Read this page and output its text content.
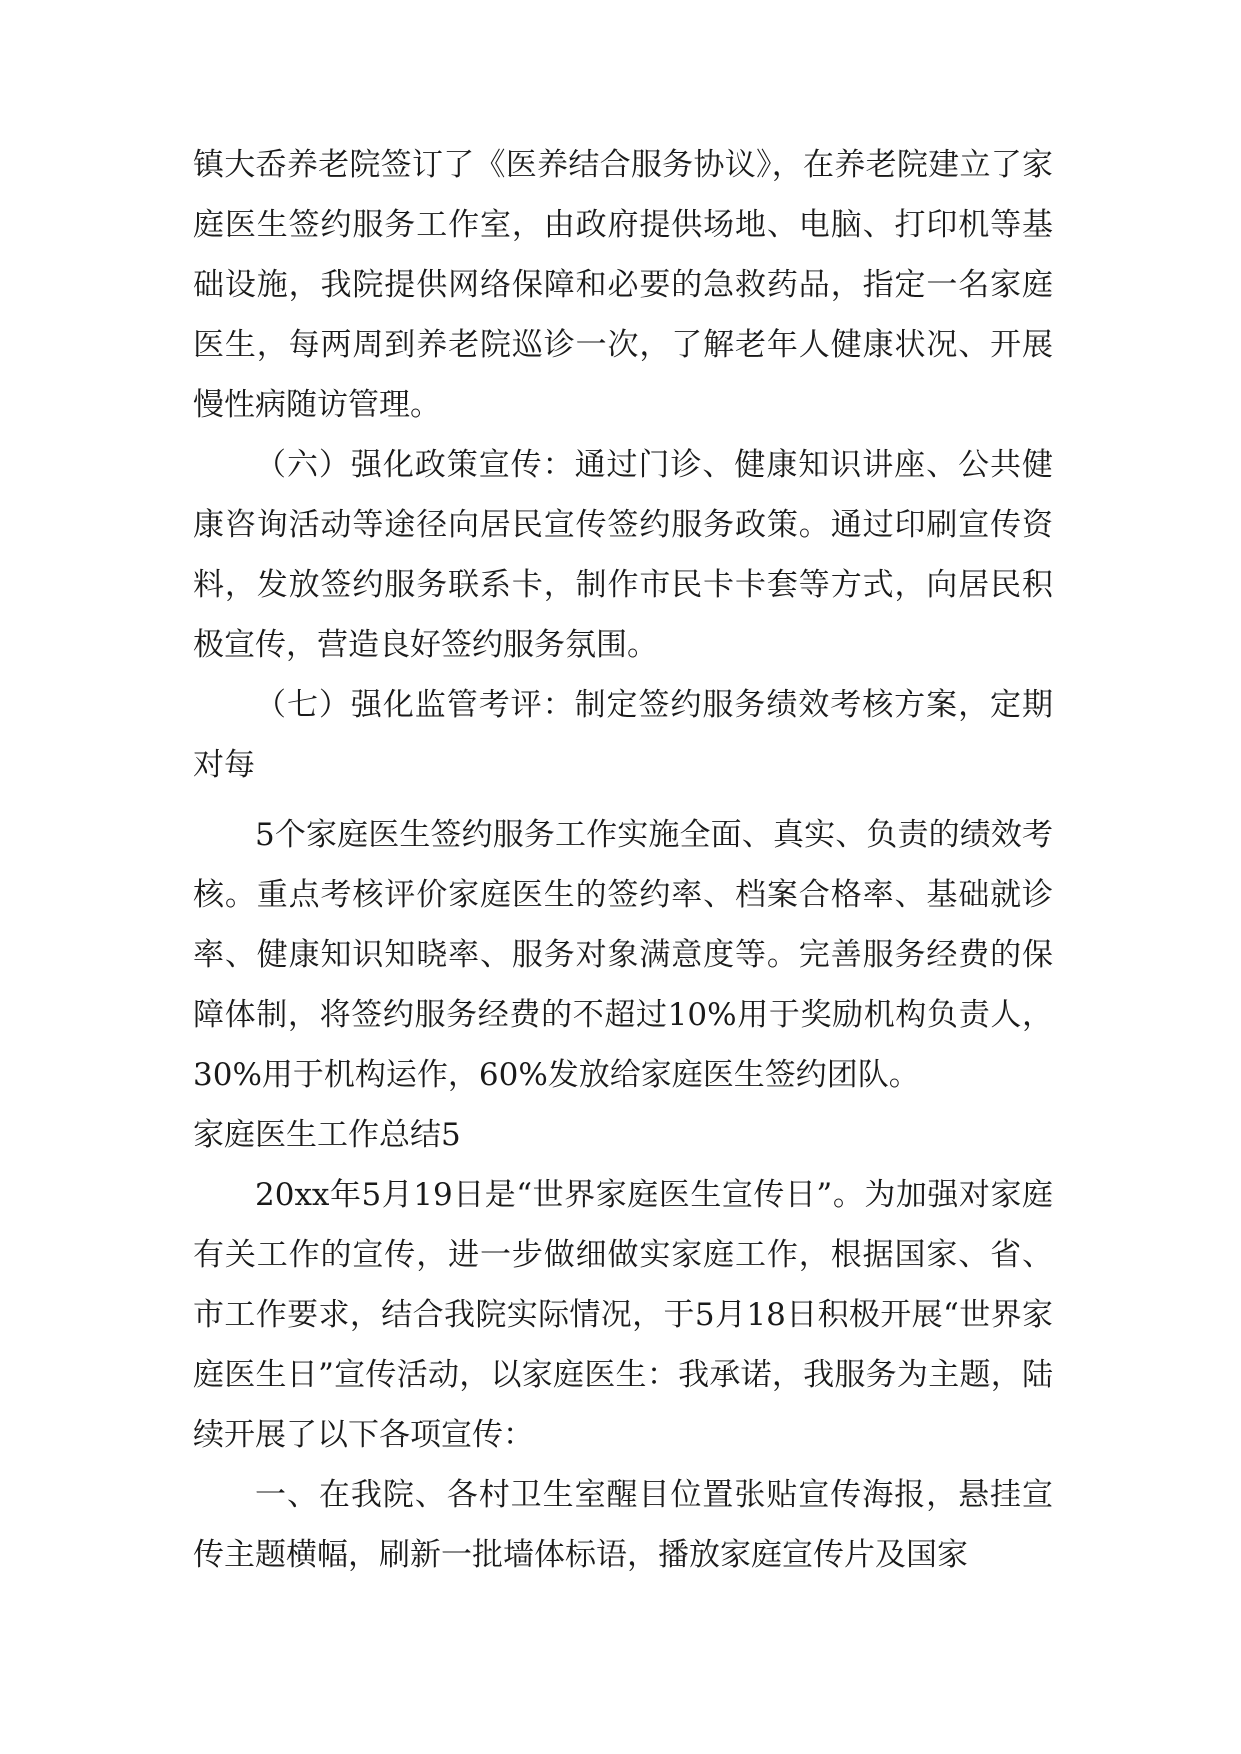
镇大岙养老院签订了《医养结合服务协议》，在养老院建立了家庭医生签约服务工作室，由政府提供场地、电脑、打印机等基础设施，我院提供网络保障和必要的急救药品，指定一名家庭医生，每两周到养老院巡诊一次，了解老年人健康状况、开展慢性病随访管理。

（六）强化政策宣传：通过门诊、健康知识讲座、公共健康咨询活动等途径向居民宣传签约服务政策。通过印刷宣传资料，发放签约服务联系卡，制作市民卡卡套等方式，向居民积极宣传，营造良好签约服务氛围。

（七）强化监管考评：制定签约服务绩效考核方案，定期对每

5个家庭医生签约服务工作实施全面、真实、负责的绩效考核。重点考核评价家庭医生的签约率、档案合格率、基础就诊率、健康知识知晓率、服务对象满意度等。完善服务经费的保障体制，将签约服务经费的不超过10%用于奖励机构负责人，30%用于机构运作，60%发放给家庭医生签约团队。

家庭医生工作总结5

20xx年5月19日是“世界家庭医生宣传日”。为加强对家庭有关工作的宣传，进一步做细做实家庭工作，根据国家、省、市工作要求，结合我院实际情况，于5月18日积极开展“世界家庭医生日”宣传活动，以家庭医生：我承诺，我服务为主题，陆续开展了以下各项宣传：

一、在我院、各村卫生室醒目位置张贴宣传海报，悬挂宣传主题横幅，刷新一批墙体标语，播放家庭宣传片及国家
